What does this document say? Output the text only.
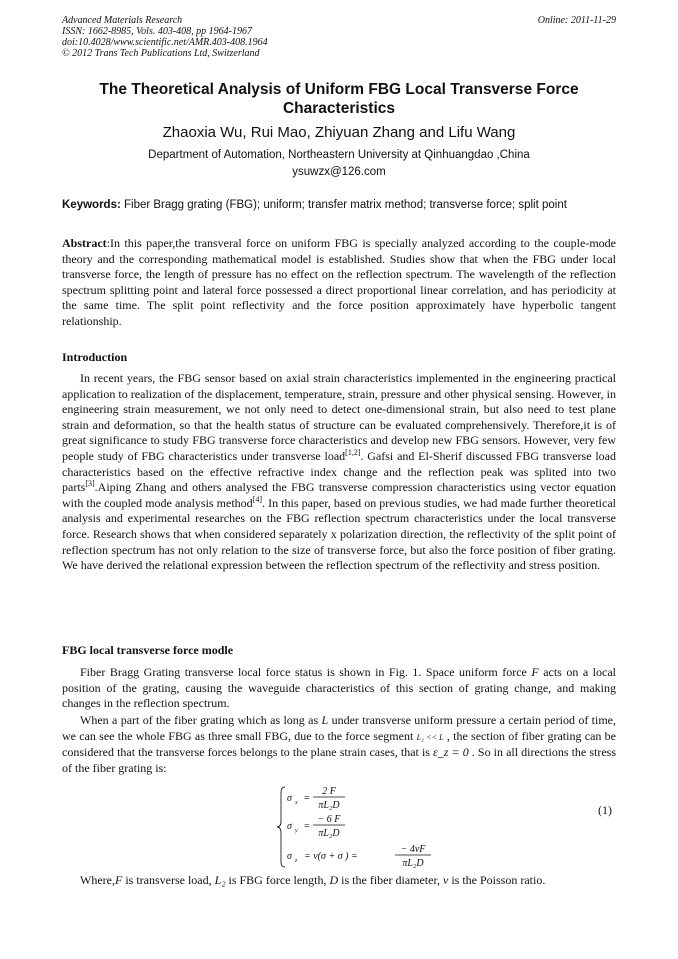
Advanced Materials Research
ISSN: 1662-8985, Vols. 403-408, pp 1964-1967
doi:10.4028/www.scientific.net/AMR.403-408.1964
© 2012 Trans Tech Publications Ltd, Switzerland
Online: 2011-11-29
The Theoretical Analysis of Uniform FBG Local Transverse Force Characteristics
Zhaoxia Wu, Rui Mao, Zhiyuan Zhang and Lifu Wang
Department of Automation, Northeastern University at Qinhuangdao ,China
ysuwzx@126.com
Keywords: Fiber Bragg grating (FBG); uniform; transfer matrix method; transverse force; split point
Abstract:In this paper,the transveral force on uniform FBG is specially analyzed according to the couple-mode theory and the corresponding mathematical model is established. Studies show that when the FBG under local transverse force, the length of pressure has no effect on the reflection spectrum. The wavelength of the reflection spectrum splitting point and lateral force possessed a direct proportional linear correlation, and has periodicity at the same time. The split point reflectivity and the force position approximately have hyperbolic tangent relationship.
Introduction
In recent years, the FBG sensor based on axial strain characteristics implemented in the engineering practical application to realization of the displacement, temperature, strain, pressure and other physical sensing. However, in engineering strain measurement, we not only need to detect one-dimensional strain, but also need to test plane strain and deformation, so that the health status of structure can be evaluated comprehensively. Therefore,it is of great significance to study FBG transverse force characteristics and develop new FBG sensors. However, very few people study of FBG characteristics under transverse load[1,2]. Gafsi and El-Sherif discussed FBG transverse load characteristics based on the effective refractive index change and the reflection peak was splited into two parts[3].Aiping Zhang and others analysed the FBG transverse compression characteristics using vector equation with the coupled mode analysis method[4]. In this paper, based on previous studies, we had made further theoretical analysis and experimental researches on the FBG reflection spectrum characteristics under the local transverse force. Research shows that when considered separately x polarization direction, the reflectivity of the split point of reflection spectrum has not only relation to the size of transverse force, but also the force position of fiber grating. We have derived the relational expression between the reflection spectrum of the reflectivity and stress position.
FBG local transverse force modle
Fiber Bragg Grating transverse local force status is shown in Fig. 1. Space uniform force F acts on a local position of the grating, causing the waveguide characteristics of this section of grating change, and making changes in the reflection spectrum.
When a part of the fiber grating which as long as L under transverse uniform pressure a certain period of time, we can see the whole FBG as three small FBG, due to the force segment L₂ << L , the section of fiber grating can be considered that the transverse forces belongs to the plane strain cases, that is ε_z = 0 . So in all directions the stress of the fiber grating is:
σ x =
2 F
πL₂D
σ y =
− 6 F
πL₂D
σ z = ν(σ + σ ) =
− 4νF
πL₂D
(1)
Where,F is transverse load, L₂ is FBG force length, D is the fiber diameter, ν is the Poisson ratio.
